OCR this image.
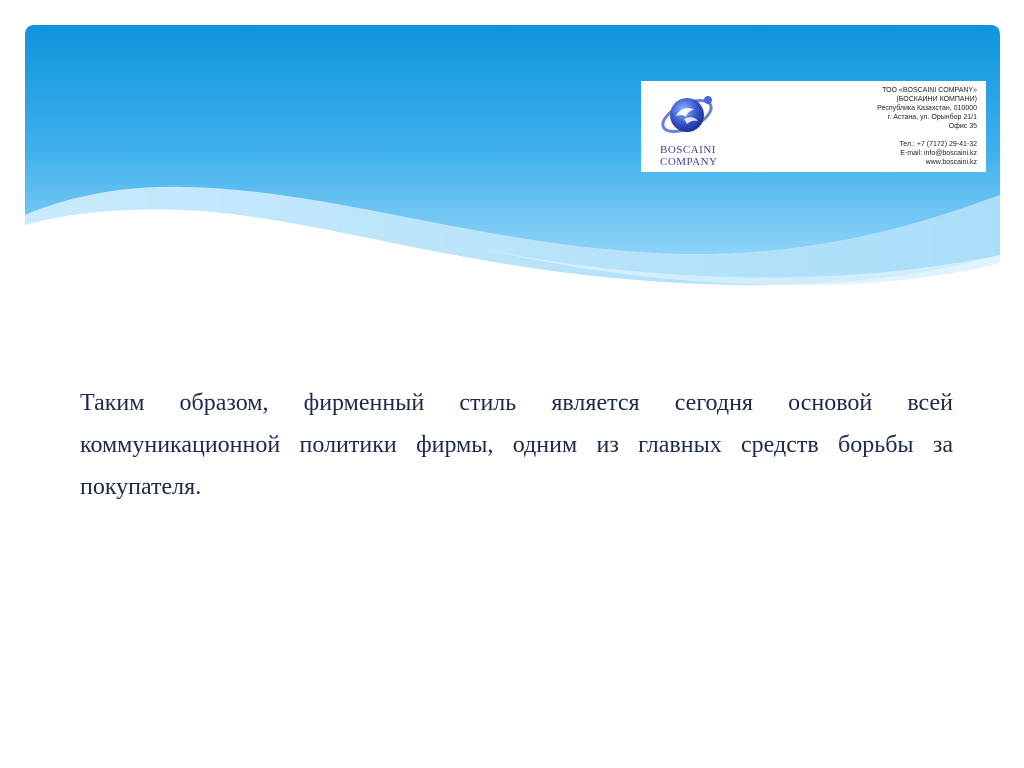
BOSCAINI
COMPANY
ТОО «BOSCAINI COMPANY»
(БОСКАИНИ КОМПАНИ)
Республика Казахстан, 010000
г. Астана, ул. Орынбор 21/1
Офис 35
Тел.: +7 (7172) 29-41-32
E-mail: info@boscaini.kz
www.boscaini.kz

Таким образом, фирменный стиль является сегодня основой всей коммуникационной политики фирмы, одним из главных средств борьбы за покупателя.
